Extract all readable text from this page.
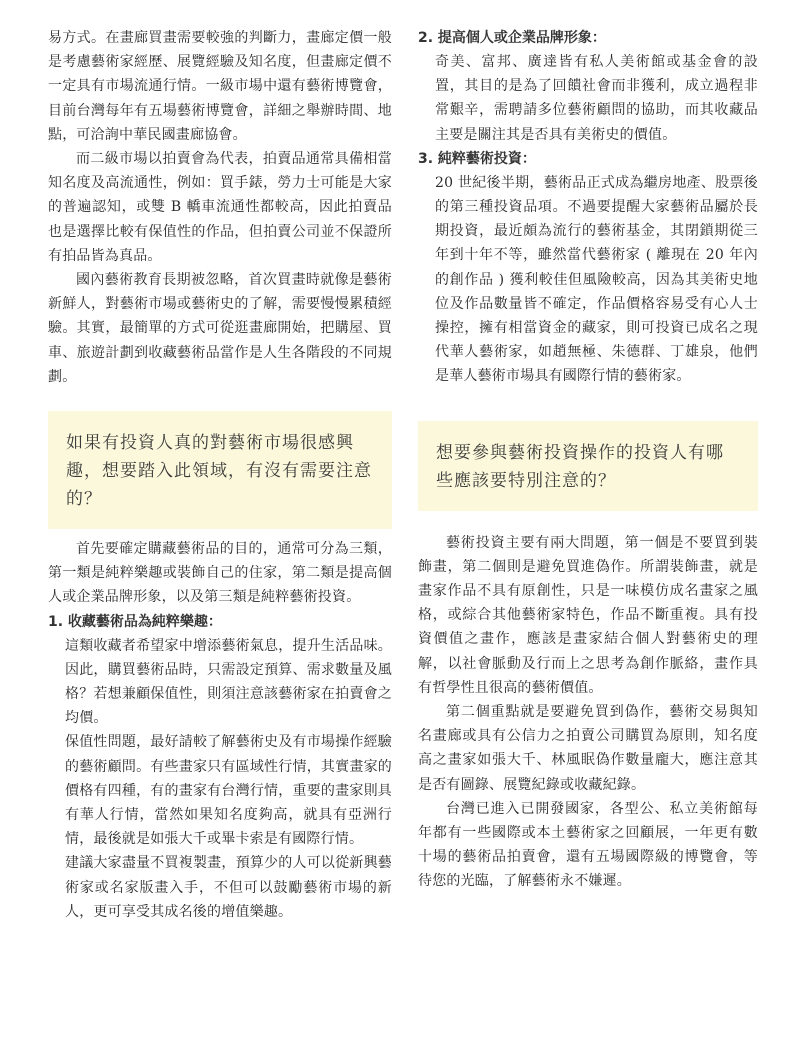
易方式。在畫廊買畫需要較強的判斷力，畫廊定價一般是考慮藝術家經歷、展覽經驗及知名度，但畫廊定價不一定具有市場流通行情。一級市場中還有藝術博覽會，目前台灣每年有五場藝術博覽會，詳細之舉辦時間、地點，可洽詢中華民國畫廊協會。

而二級市場以拍賣會為代表，拍賣品通常具備相當知名度及高流通性，例如：買手錶，勞力士可能是大家的普遍認知，或雙 B 轎車流通性都較高，因此拍賣品也是選擇比較有保值性的作品，但拍賣公司並不保證所有拍品皆為真品。

國內藝術教育長期被忽略，首次買畫時就像是藝術新鮮人，對藝術市場或藝術史的了解，需要慢慢累積經驗。其實，最簡單的方式可從逛畫廊開始，把購屋、買車、旅遊計劃到收藏藝術品當作是人生各階段的不同規劃。

如果有投資人真的對藝術市場很感興趣，想要踏入此領域，有沒有需要注意的？

首先要確定購藏藝術品的目的，通常可分為三類，第一類是純粹樂趣或裝飾自己的住家，第二類是提高個人或企業品牌形象，以及第三類是純粹藝術投資。

1. 收藏藝術品為純粹樂趣：

這類收藏者希望家中增添藝術氣息，提升生活品味。因此，購買藝術品時，只需設定預算、需求數量及風格？若想兼顧保值性，則須注意該藝術家在拍賣會之均價。

保值性問題，最好請較了解藝術史及有市場操作經驗的藝術顧問。有些畫家只有區域性行情，其實畫家的價格有四種，有的畫家有台灣行情，重要的畫家則具有華人行情，當然如果知名度夠高，就具有亞洲行情，最後就是如張大千或畢卡索是有國際行情。

建議大家盡量不買複製畫，預算少的人可以從新興藝術家或名家版畫入手，不但可以鼓勵藝術市場的新人，更可享受其成名後的增值樂趣。

2. 提高個人或企業品牌形象：

奇美、富邦、廣達皆有私人美術館或基金會的設置，其目的是為了回饋社會而非獲利，成立過程非常艱辛，需聘請多位藝術顧問的協助，而其收藏品主要是關注其是否具有美術史的價值。

3. 純粹藝術投資：

20 世紀後半期，藝術品正式成為繼房地產、股票後的第三種投資品項。不過要提醒大家藝術品屬於長期投資，最近頗為流行的藝術基金，其閉鎖期從三年到十年不等，雖然當代藝術家 ( 離現在 20 年內的創作品 ) 獲利較佳但風險較高，因為其美術史地位及作品數量皆不確定，作品價格容易受有心人士操控，擁有相當資金的藏家，則可投資已成名之現代華人藝術家，如趙無極、朱德群、丁雄泉，他們是華人藝術市場具有國際行情的藝術家。

想要參與藝術投資操作的投資人有哪些應該要特別注意的？

藝術投資主要有兩大問題，第一個是不要買到裝飾畫，第二個則是避免買進偽作。所謂裝飾畫，就是畫家作品不具有原創性，只是一味模仿成名畫家之風格，或綜合其他藝術家特色，作品不斷重複。具有投資價值之畫作，應該是畫家結合個人對藝術史的理解，以社會脈動及行而上之思考為創作脈絡，畫作具有哲學性且很高的藝術價值。

第二個重點就是要避免買到偽作，藝術交易與知名畫廊或具有公信力之拍賣公司購買為原則，知名度高之畫家如張大千、林風眠偽作數量龐大，應注意其是否有圖錄、展覽紀錄或收藏紀錄。

台灣已進入已開發國家，各型公、私立美術館每年都有一些國際或本土藝術家之回顧展，一年更有數十場的藝術品拍賣會，還有五場國際級的博覽會，等待您的光臨，了解藝術永不嫌遲。
